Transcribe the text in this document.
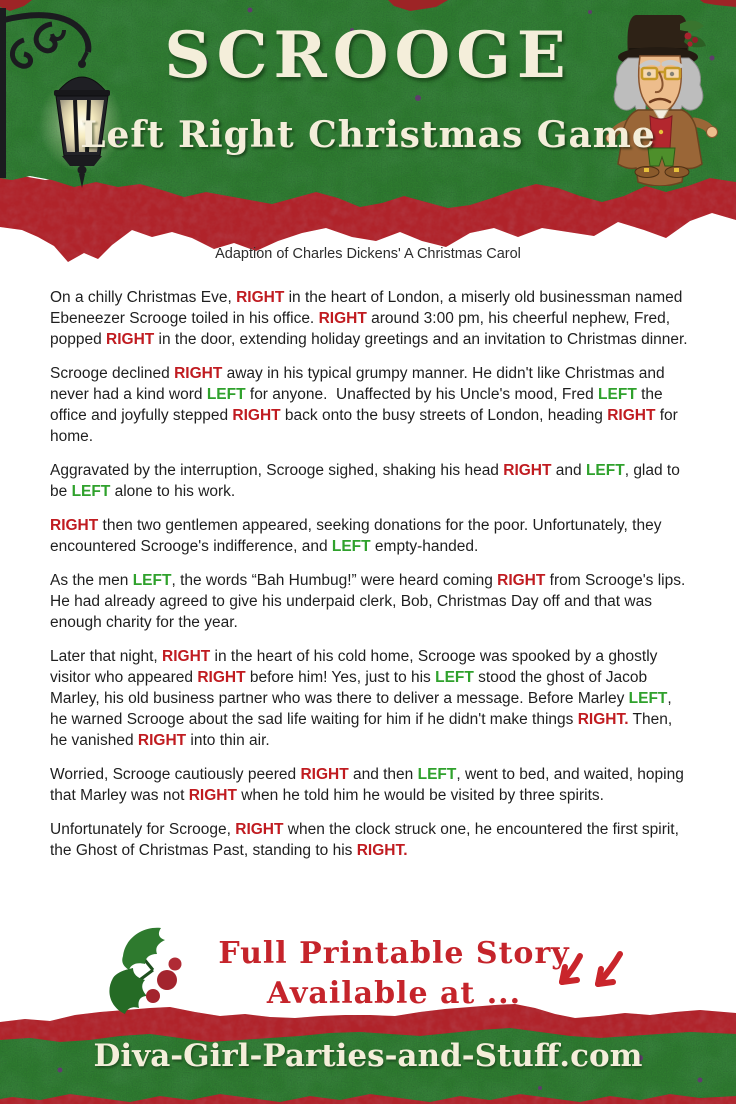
SCROOGE
Left Right Christmas Game
Adaption of Charles Dickens' A Christmas Carol

On a chilly Christmas Eve, RIGHT in the heart of London, a miserly old businessman named Ebeneezer Scrooge toiled in his office. RIGHT around 3:00 pm, his cheerful nephew, Fred, popped RIGHT in the door, extending holiday greetings and an invitation to Christmas dinner.

Scrooge declined RIGHT away in his typical grumpy manner. He didn't like Christmas and never had a kind word LEFT for anyone.  Unaffected by his Uncle's mood, Fred LEFT the office and joyfully stepped RIGHT back onto the busy streets of London, heading RIGHT for home.

Aggravated by the interruption, Scrooge sighed, shaking his head RIGHT and LEFT, glad to be LEFT alone to his work.

RIGHT then two gentlemen appeared, seeking donations for the poor. Unfortunately, they encountered Scrooge's indifference, and LEFT empty-handed.

As the men LEFT, the words “Bah Humbug!” were heard coming RIGHT from Scrooge's lips. He had already agreed to give his underpaid clerk, Bob, Christmas Day off and that was enough charity for the year.

Later that night, RIGHT in the heart of his cold home, Scrooge was spooked by a ghostly visitor who appeared RIGHT before him! Yes, just to his LEFT stood the ghost of Jacob Marley, his old business partner who was there to deliver a message. Before Marley LEFT, he warned Scrooge about the sad life waiting for him if he didn't make things RIGHT. Then, he vanished RIGHT into thin air.

Worried, Scrooge cautiously peered RIGHT and then LEFT, went to bed, and waited, hoping that Marley was not RIGHT when he told him he would be visited by three spirits.

Unfortunately for Scrooge, RIGHT when the clock struck one, he encountered the first spirit, the Ghost of Christmas Past, standing to his RIGHT.

Full Printable Story
Available at ...
Diva-Girl-Parties-and-Stuff.com
